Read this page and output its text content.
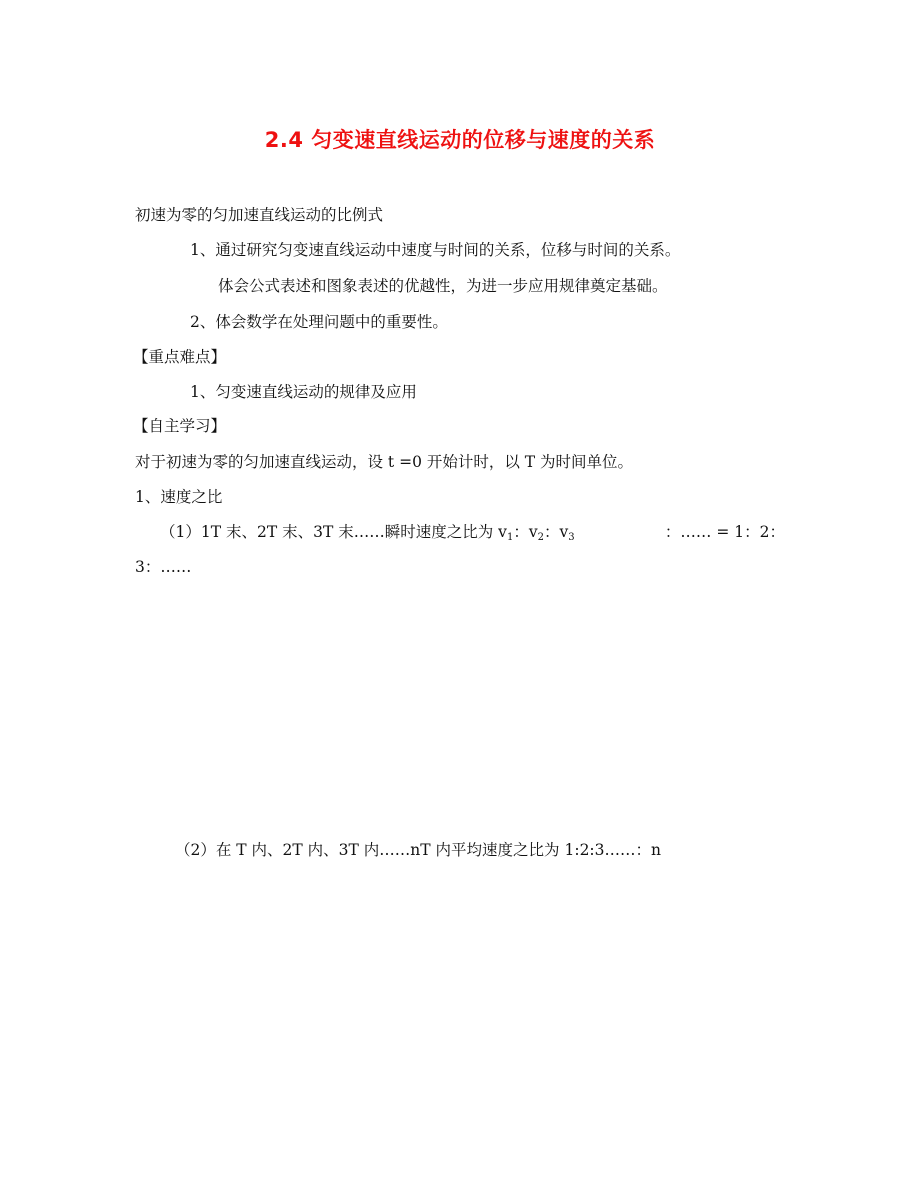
2.4 匀变速直线运动的位移与速度的关系
初速为零的匀加速直线运动的比例式
1、通过研究匀变速直线运动中速度与时间的关系，位移与时间的关系。
体会公式表述和图象表述的优越性，为进一步应用规律奠定基础。
2、体会数学在处理问题中的重要性。
【重点难点】
1、匀变速直线运动的规律及应用
【自主学习】
对于初速为零的匀加速直线运动，设 t =0 开始计时，以 T 为时间单位。
1、速度之比
（1）1T 末、2T 末、3T 末……瞬时速度之比为 $v_1$：$v_2$：$v_3$	：…… = 1：2：
3：……
（2）在 T 内、2T 内、3T 内……nT 内平均速度之比为 1:2:3……：n
